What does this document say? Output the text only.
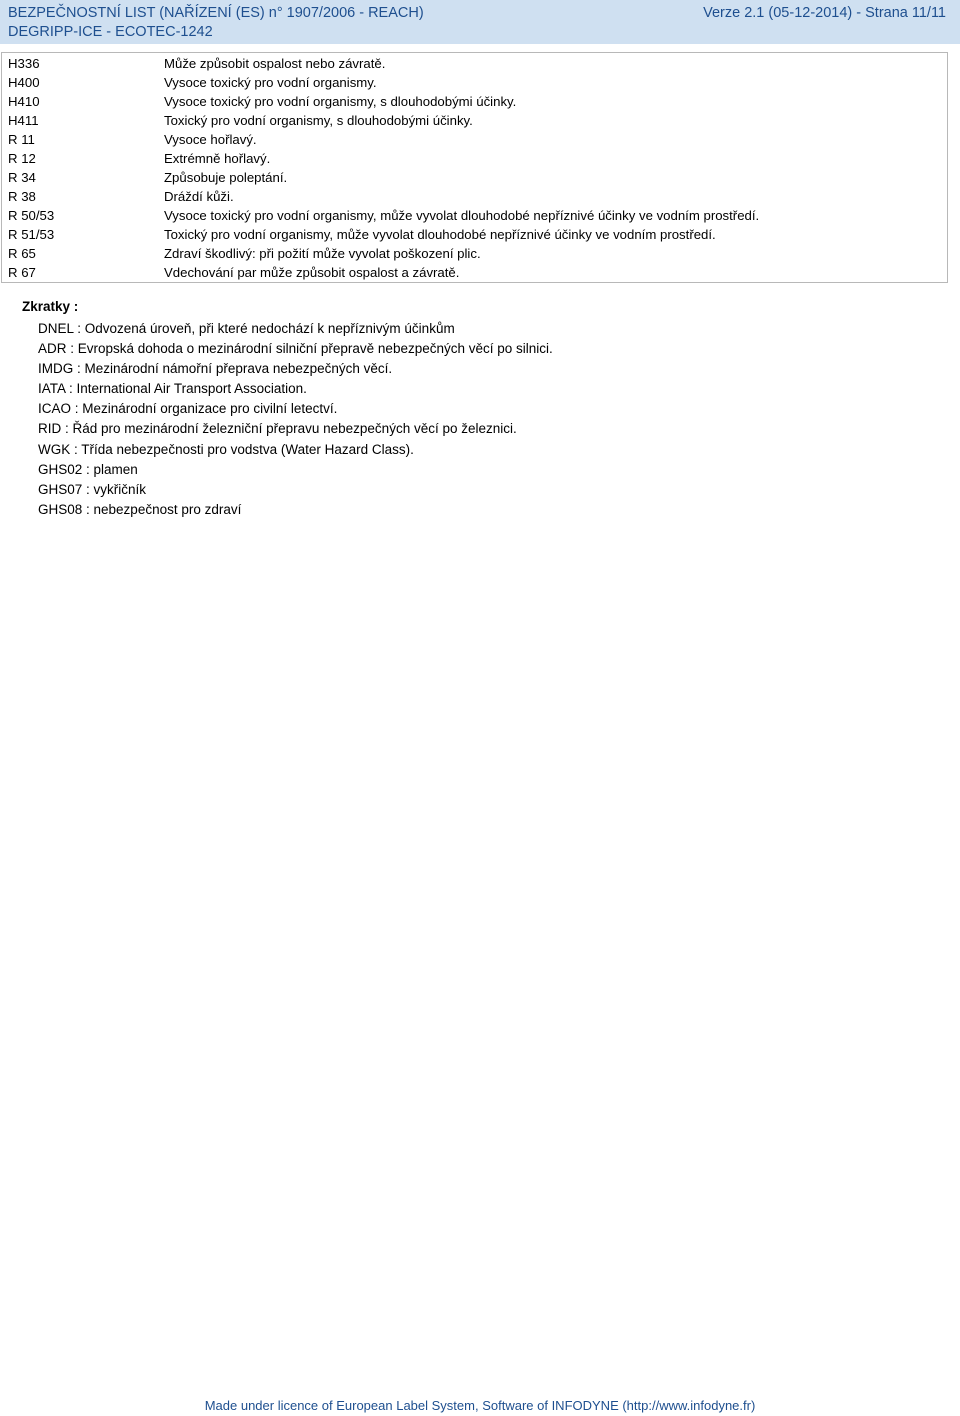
BEZPEČNOSTNÍ LIST (NAŘÍZENÍ (ES) n° 1907/2006 - REACH)	Verze 2.1 (05-12-2014) - Strana 11/11
DEGRIPP-ICE - ECOTEC-1242
H336	Může způsobit ospalost nebo závratě.
H400	Vysoce toxický pro vodní organismy.
H410	Vysoce toxický pro vodní organismy, s dlouhodobými účinky.
H411	Toxický pro vodní organismy, s dlouhodobými účinky.
R 11	Vysoce hořlavý.
R 12	Extrémně hořlavý.
R 34	Způsobuje poleptání.
R 38	Dráždí kůži.
R 50/53	Vysoce toxický pro vodní organismy, může vyvolat dlouhodobé nepříznivé účinky ve vodním prostředí.
R 51/53	Toxický pro vodní organismy, může vyvolat dlouhodobé nepříznivé účinky ve vodním prostředí.
R 65	Zdraví škodlivý: při požití může vyvolat poškození plic.
R 67	Vdechování par může způsobit ospalost a závratě.
Zkratky :
DNEL : Odvozená úroveň, při které nedochází k nepříznivým účinkům
ADR : Evropská dohoda o mezinárodní silniční přepravě nebezpečných věcí po silnici.
IMDG : Mezinárodní námořní přeprava nebezpečných věcí.
IATA : International Air Transport Association.
ICAO : Mezinárodní organizace pro civilní letectví.
RID : Řád pro mezinárodní železniční přepravu nebezpečných věcí po železnici.
WGK : Třída nebezpečnosti pro vodstva (Water Hazard Class).
GHS02 : plamen
GHS07 : vykřičník
GHS08 : nebezpečnost pro zdraví
Made under licence of European Label System, Software of INFODYNE (http://www.infodyne.fr)
